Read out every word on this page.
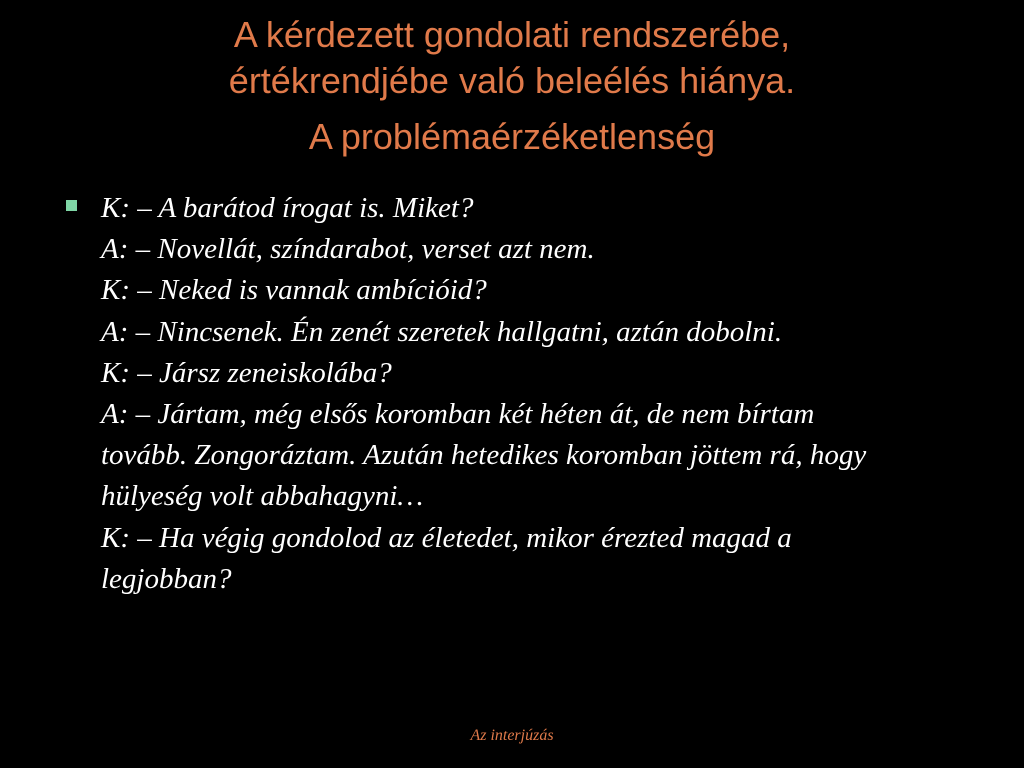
A kérdezett gondolati rendszerébe,
értékrendjébe való beleélés hiánya.
A problémaérzéketlenség
K: – A barátod írogat is. Miket?
A: – Novellát, színdarabot, verset azt nem.
K: – Neked is vannak ambícióid?
A: – Nincsenek. Én zenét szeretek hallgatni, aztán dobolni.
K: – Jársz zeneiskolába?
A: – Jártam, még elsős koromban két héten át, de nem bírtam
tovább. Zongoráztam. Azután hetedikes koromban jöttem rá, hogy
hülyeség volt abbahagyni…
K: – Ha végig gondolod az életedet, mikor érezted magad a
legjobban?
Az interjúzás
